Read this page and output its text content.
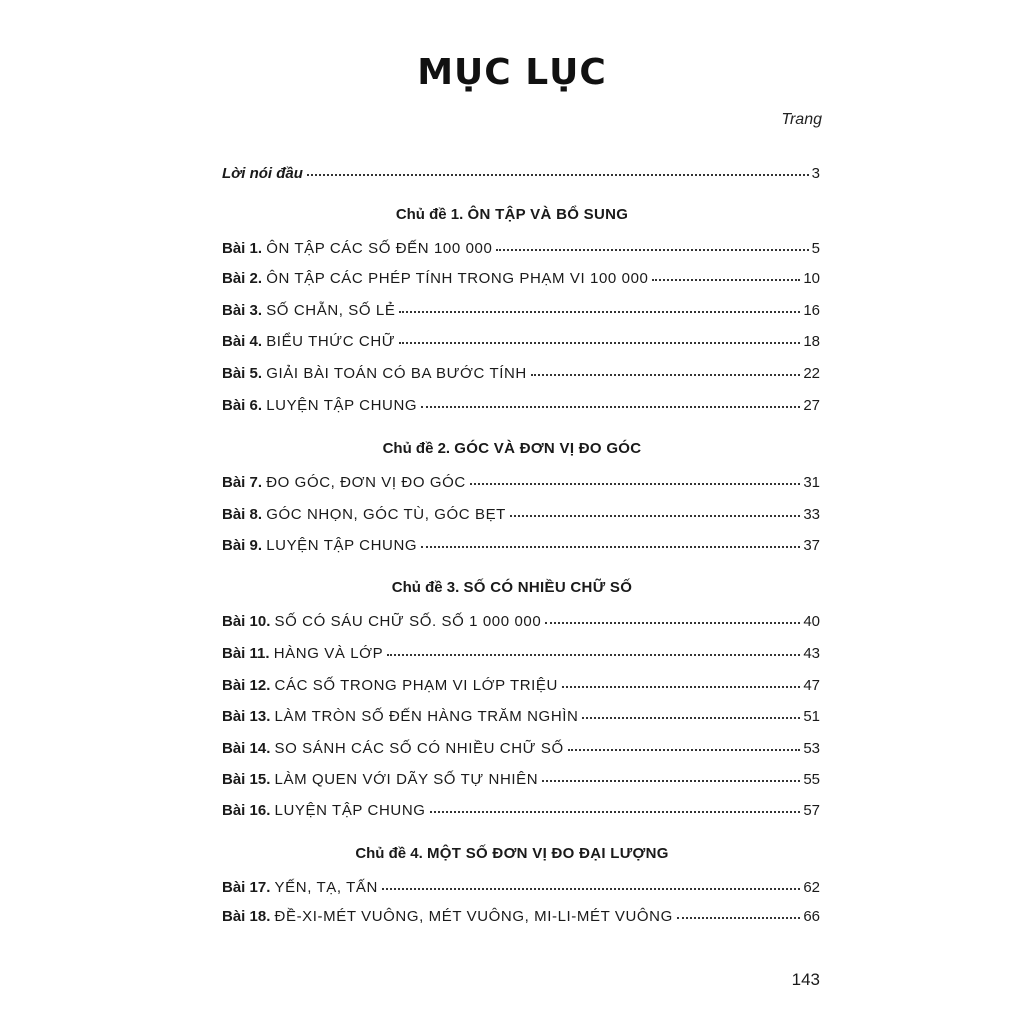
MỤC LỤC
Trang
Lời nói đầu	3
Chủ đề 1. ÔN TẬP VÀ BỔ SUNG
Bài 1. ÔN TẬP CÁC SỐ ĐẾN 100 000	5
Bài 2. ÔN TẬP CÁC PHÉP TÍNH TRONG PHẠM VI 100 000	10
Bài 3. SỐ CHẴN, SỐ LẺ	16
Bài 4. BIỂU THỨC CHỮ	18
Bài 5. GIẢI BÀI TOÁN CÓ BA BƯỚC TÍNH	22
Bài 6. LUYỆN TẬP CHUNG	27
Chủ đề 2. GÓC VÀ ĐƠN VỊ ĐO GÓC
Bài 7. ĐO GÓC, ĐƠN VỊ ĐO GÓC	31
Bài 8. GÓC NHỌN, GÓC TÙ, GÓC BẸT	33
Bài 9. LUYỆN TẬP CHUNG	37
Chủ đề 3. SỐ CÓ NHIỀU CHỮ SỐ
Bài 10. SỐ CÓ SÁU CHỮ SỐ. SỐ 1 000 000	40
Bài 11. HÀNG VÀ LỚP	43
Bài 12. CÁC SỐ TRONG PHẠM VI LỚP TRIỆU	47
Bài 13. LÀM TRÒN SỐ ĐẾN HÀNG TRĂM NGHÌN	51
Bài 14. SO SÁNH CÁC SỐ CÓ NHIỀU CHỮ SỐ	53
Bài 15. LÀM QUEN VỚI DÃY SỐ TỰ NHIÊN	55
Bài 16. LUYỆN TẬP CHUNG	57
Chủ đề 4. MỘT SỐ ĐƠN VỊ ĐO ĐẠI LƯỢNG
Bài 17. YẾN, TẠ, TẤN	62
Bài 18. ĐỀ-XI-MÉT VUÔNG, MÉT VUÔNG, MI-LI-MÉT VUÔNG	66
143
